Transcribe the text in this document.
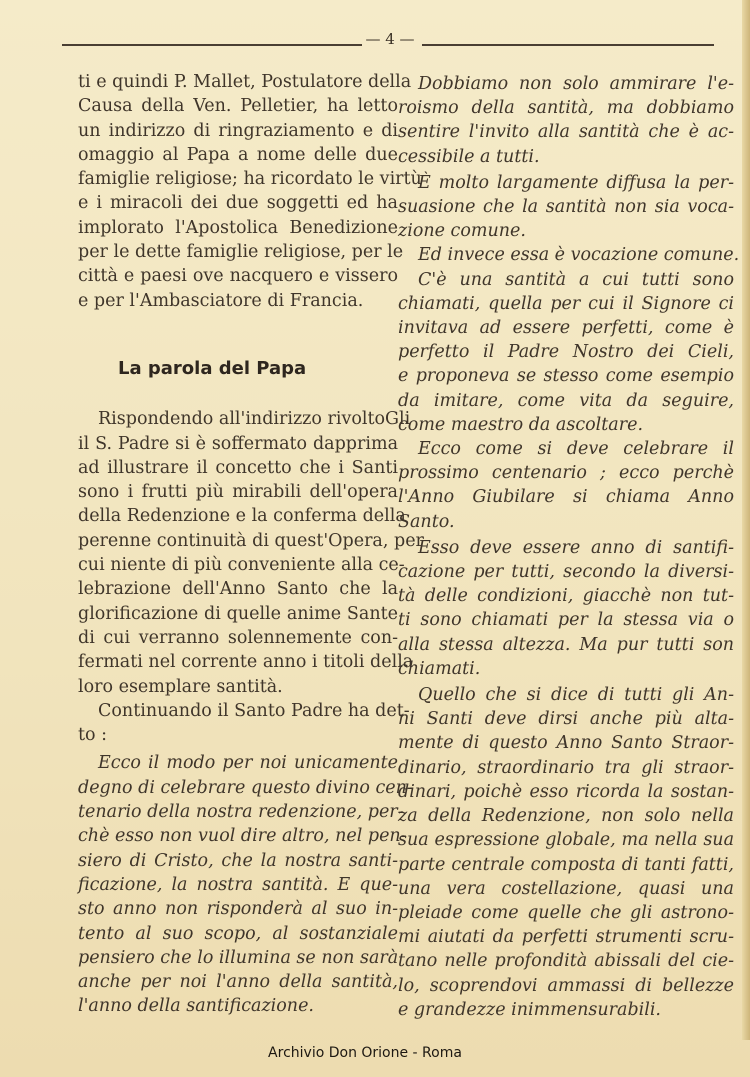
— 4 —
ti e quindi P. Mallet, Postulatore della
Causa della Ven. Pelletier, ha letto
un indirizzo di ringraziamento e di
omaggio al Papa a nome delle due
famiglie religiose; ha ricordato le virtù
e i miracoli dei due soggetti ed ha
implorato l'Apostolica Benedizione
per le dette famiglie religiose, per le
città e paesi ove nacquero e vissero
e per l'Ambasciatore di Francia.
La parola del Papa
Rispondendo all'indirizzo rivoltoGli
il S. Padre si è soffermato dapprima
ad illustrare il concetto che i Santi
sono i frutti più mirabili dell'opera
della Redenzione e la conferma della
perenne continuità di quest'Opera, per
cui niente di più conveniente alla ce-
lebrazione dell'Anno Santo che la
glorificazione di quelle anime Sante
di cui verranno solennemente con-
fermati nel corrente anno i titoli della
loro esemplare santità.
Continuando il Santo Padre ha det-
to :
Ecco il modo per noi unicamente
degno di celebrare questo divino cen-
tenario della nostra redenzione, per-
chè esso non vuol dire altro, nel pen-
siero di Cristo, che la nostra santi-
ficazione, la nostra santità. E que-
sto anno non risponderà al suo in-
tento al suo scopo, al sostanziale
pensiero che lo illumina se non sarà
anche per noi l'anno della santità,
l'anno della santificazione.
Dobbiamo non solo ammirare l'e-
roismo della santità, ma dobbiamo
sentire l'invito alla santità che è ac-
cessibile a tutti.
È molto largamente diffusa la per-
suasione che la santità non sia voca-
zione comune.
Ed invece essa è vocazione comune.
C'è una santità a cui tutti sono
chiamati, quella per cui il Signore ci
invitava ad essere perfetti, come è
perfetto il Padre Nostro dei Cieli,
e proponeva se stesso come esempio
da imitare, come vita da seguire,
come maestro da ascoltare.
Ecco come si deve celebrare il
prossimo centenario ; ecco perchè
l'Anno Giubilare si chiama Anno
Santo.
Esso deve essere anno di santifi-
cazione per tutti, secondo la diversi-
tà delle condizioni, giacchè non tut-
ti sono chiamati per la stessa via o
alla stessa altezza. Ma pur tutti son
chiamati.
Quello che si dice di tutti gli An-
ni Santi deve dirsi anche più alta-
mente di questo Anno Santo Straor-
dinario, straordinario tra gli straor-
dinari, poichè esso ricorda la sostan-
za della Redenzione, non solo nella
sua espressione globale, ma nella sua
parte centrale composta di tanti fatti,
una vera costellazione, quasi una
pleiade come quelle che gli astrono-
mi aiutati da perfetti strumenti scru-
tano nelle profondità abissali del cie-
lo, scoprendovi ammassi di bellezze
e grandezze inimmensurabili.
Archivio Don Orione - Roma
